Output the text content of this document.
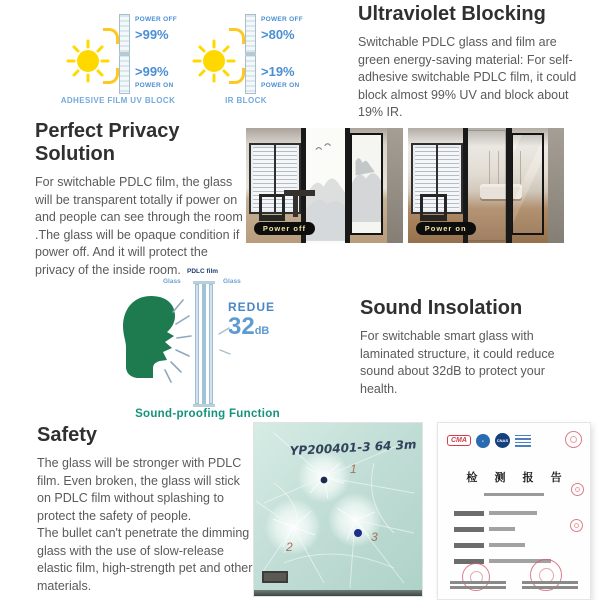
POWER OFF
>99%
>99%
POWER ON
ADHESIVE FILM UV BLOCK
POWER OFF
>80%
>19%
POWER ON
IR BLOCK
Ultraviolet Blocking

Switchable PDLC glass and film are green energy-saving material: For self-adhesive switchable PDLC film, it could block almost 99% UV and block about 19% IR.

Perfect Privacy Solution

For switchable PDLC film, the glass will be transparent totally if power on and people can see through the room .The glass will be opaque condition if power off. And it will protect the privacy of the inside room.

Power off	Power on
PDLC film
Glass	Glass
REDUE
32dB
Sound-proofing Function
Sound Insolation

For switchable smart glass with laminated structure, it could reduce sound about 32dB to protect your health.

Safety

The glass will be stronger with PDLC film. Even broken, the glass will stick on PDLC film without splashing to protect the safety of people.

The bullet can't penetrate the dimming glass with the use of slow-release elastic film, high-strength pet and other materials.

YP200401-3 64 3m
1
2
3
CMA	●	CNAS
检 测 报 告
